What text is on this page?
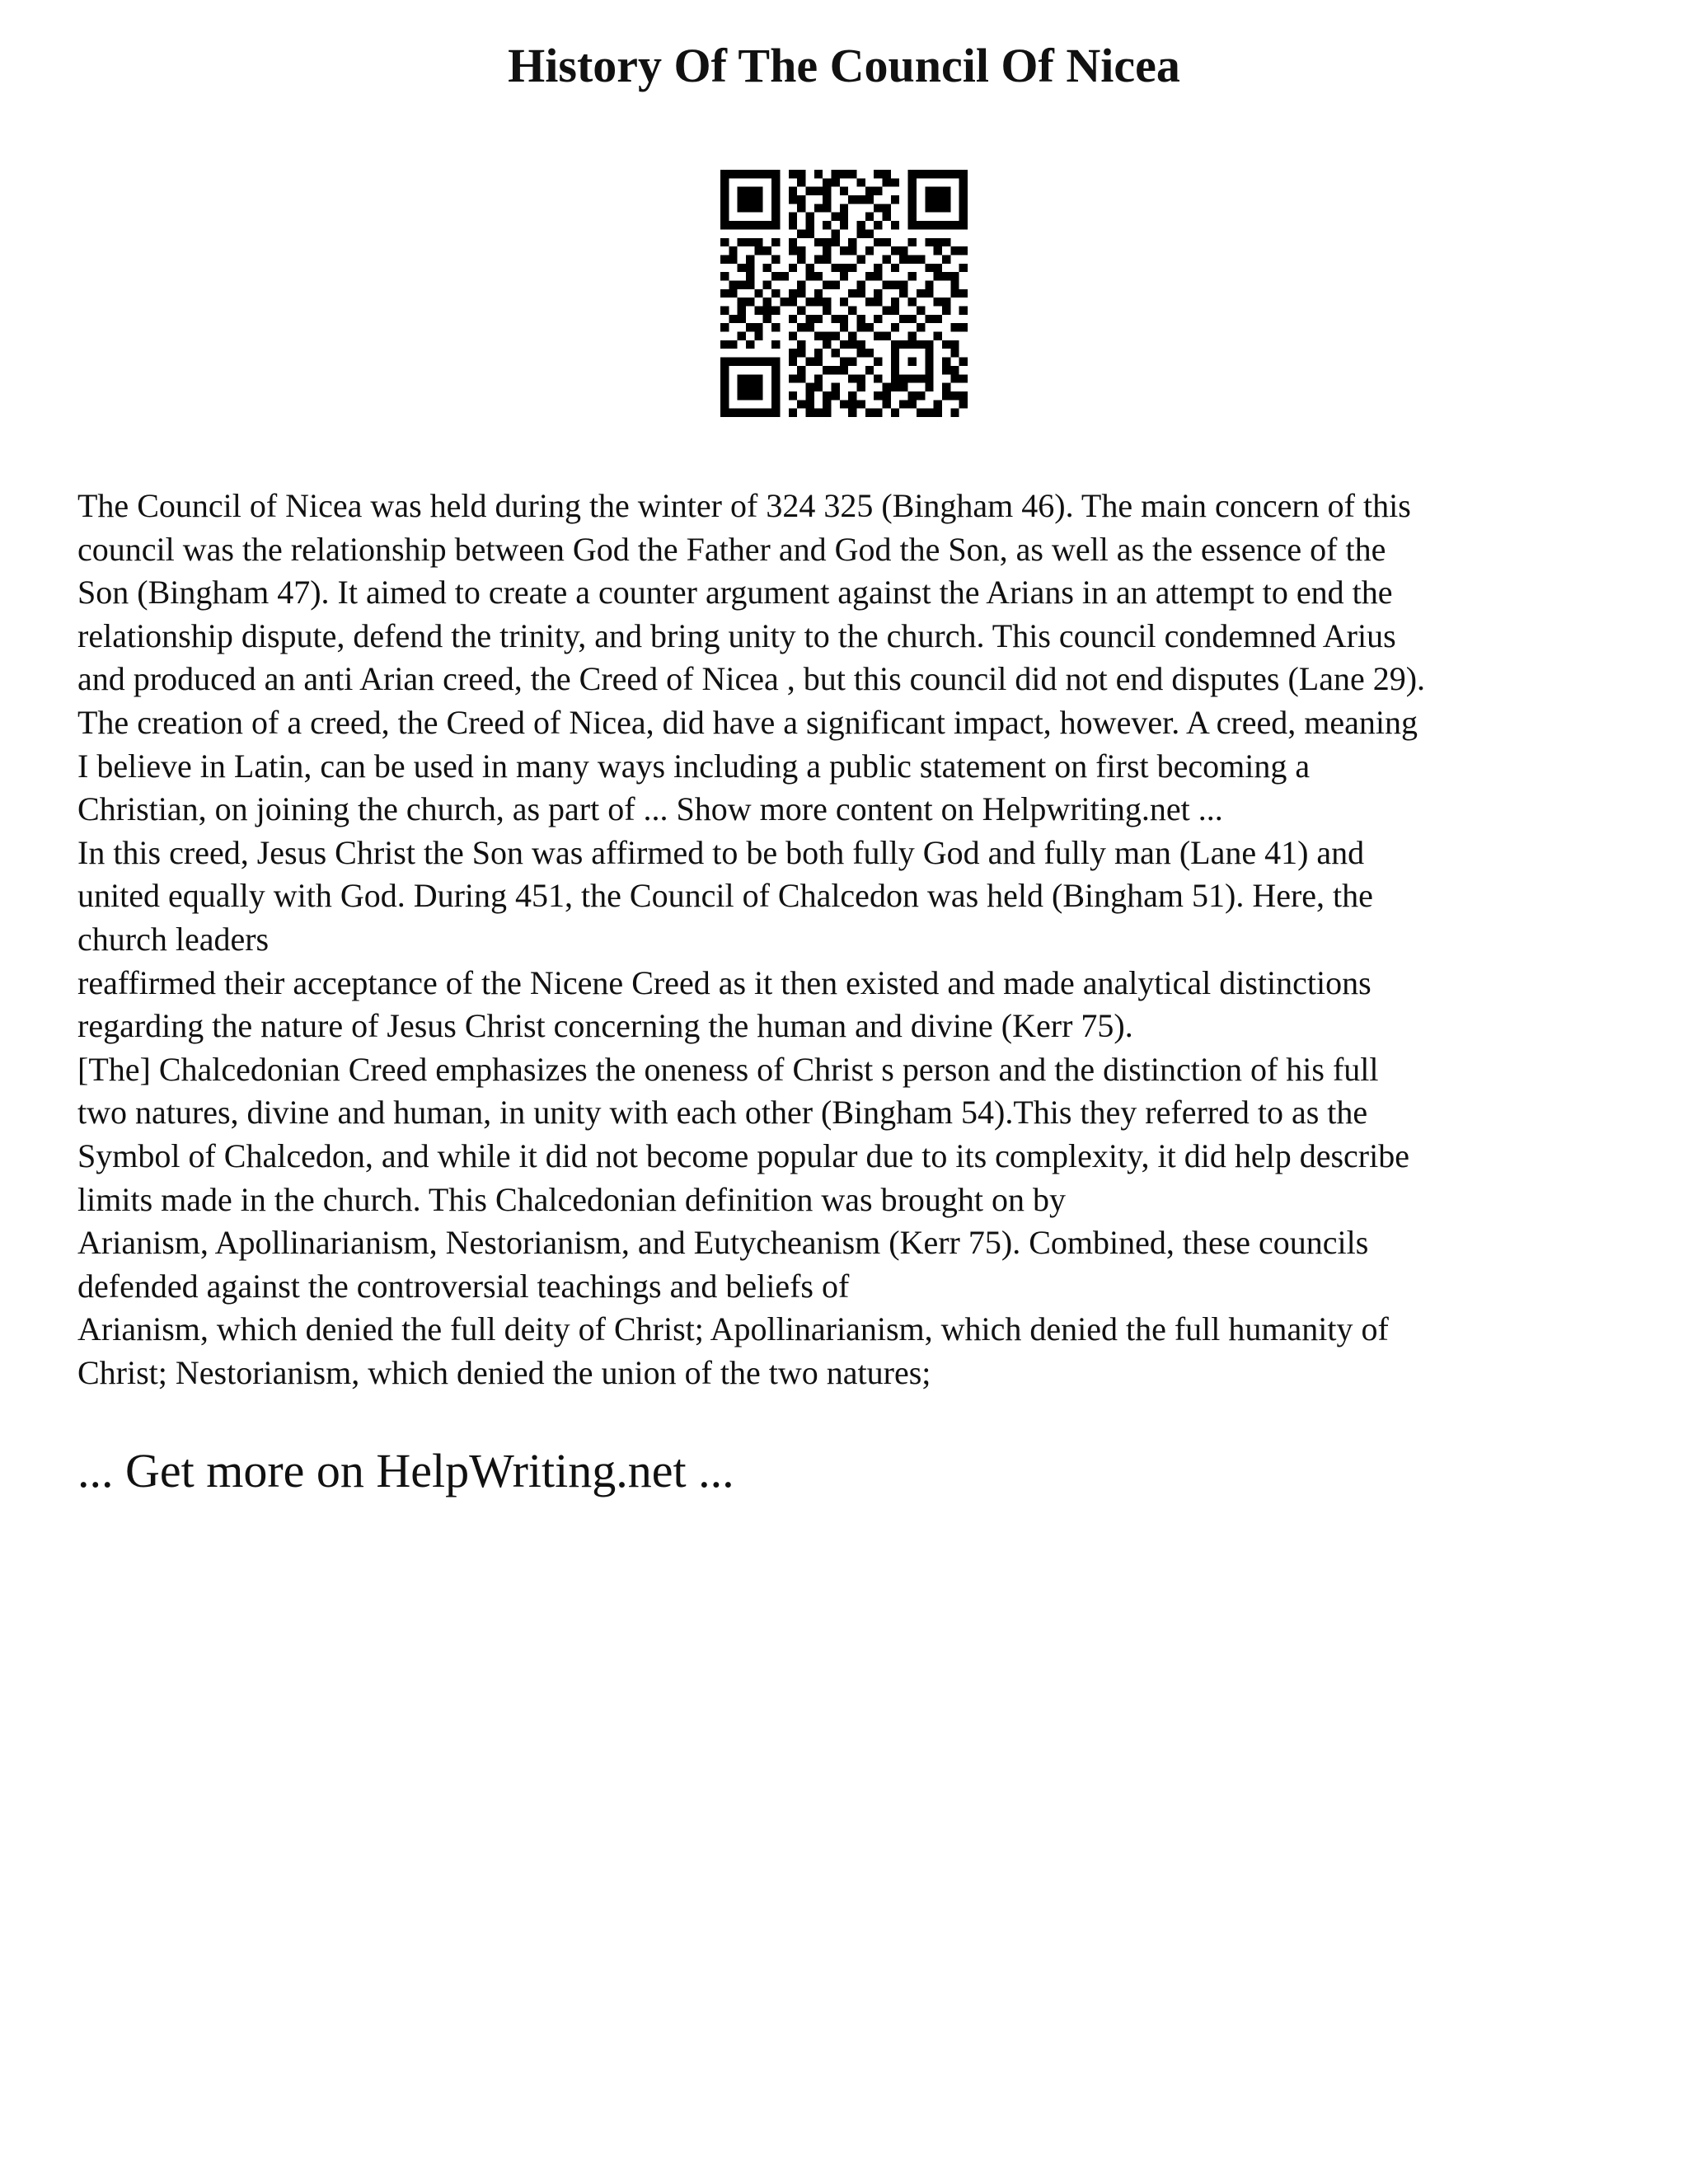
History Of The Council Of Nicea
The Council of Nicea was held during the winter of 324 325 (Bingham 46). The main concern of this
council was the relationship between God the Father and God the Son, as well as the essence of the
Son (Bingham 47). It aimed to create a counter argument against the Arians in an attempt to end the
relationship dispute, defend the trinity, and bring unity to the church. This council condemned Arius
and produced an anti Arian creed, the Creed of Nicea , but this council did not end disputes (Lane 29).
The creation of a creed, the Creed of Nicea, did have a significant impact, however. A creed, meaning
I believe in Latin, can be used in many ways including a public statement on first becoming a
Christian, on joining the church, as part of ... Show more content on Helpwriting.net ...
In this creed, Jesus Christ the Son was affirmed to be both fully God and fully man (Lane 41) and
united equally with God. During 451, the Council of Chalcedon was held (Bingham 51). Here, the
church leaders
reaffirmed their acceptance of the Nicene Creed as it then existed and made analytical distinctions
regarding the nature of Jesus Christ concerning the human and divine (Kerr 75).
[The] Chalcedonian Creed emphasizes the oneness of Christ s person and the distinction of his full
two natures, divine and human, in unity with each other (Bingham 54).This they referred to as the
Symbol of Chalcedon, and while it did not become popular due to its complexity, it did help describe
limits made in the church. This Chalcedonian definition was brought on by
Arianism, Apollinarianism, Nestorianism, and Eutycheanism (Kerr 75). Combined, these councils
defended against the controversial teachings and beliefs of
Arianism, which denied the full deity of Christ; Apollinarianism, which denied the full humanity of
Christ; Nestorianism, which denied the union of the two natures;
... Get more on HelpWriting.net ...
